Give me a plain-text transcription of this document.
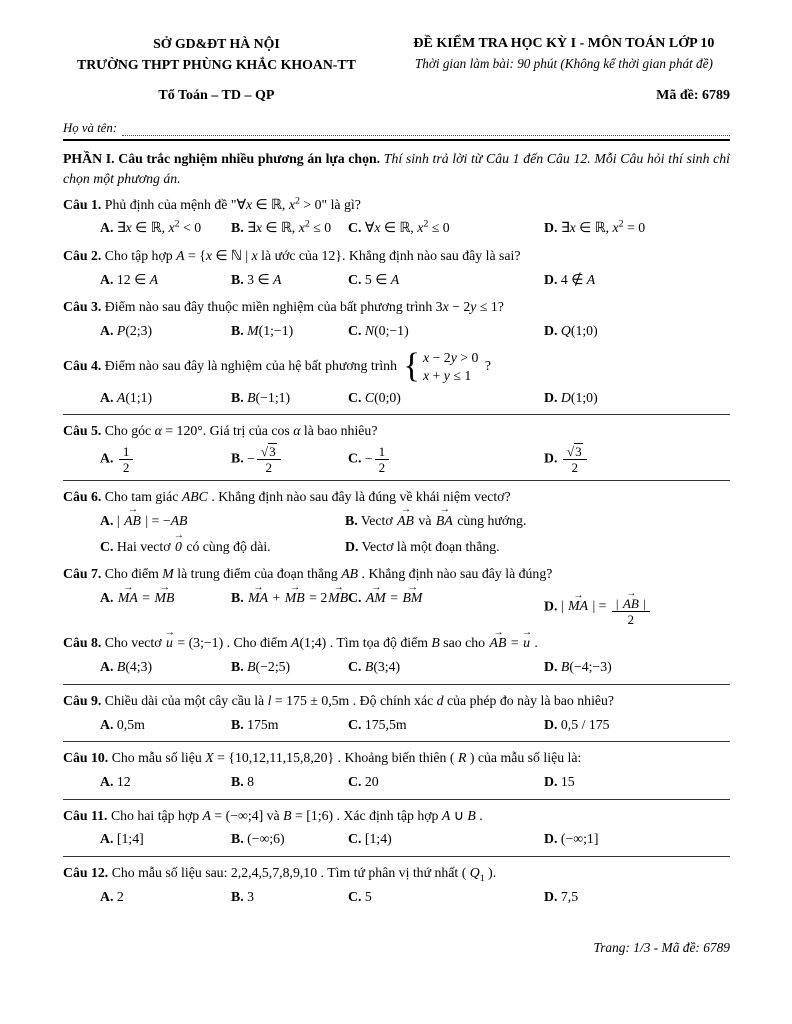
SỞ GD&ĐT HÀ NỘI
TRƯỜNG THPT PHÙNG KHẮC KHOAN-TT
ĐỀ KIỂM TRA HỌC KỲ I - MÔN TOÁN LỚP 10
Thời gian làm bài: 90 phút (Không kể thời gian phát đề)
Tổ Toán – TD – QP	Mã đề: 6789
Họ và tên:
PHẦN I. Câu trắc nghiệm nhiều phương án lựa chọn. Thí sinh trả lời từ Câu 1 đến Câu 12. Mỗi Câu hỏi thí sinh chỉ chọn một phương án.
Câu 1. Phủ định của mệnh đề "∀x ∈ ℝ, $x^2 > 0$" là gì?
A. ∃x ∈ ℝ, $x^2 < 0$	B. ∃x ∈ ℝ, $x^2 \le 0$	C. ∀x ∈ ℝ, $x^2 \le 0$	D. ∃x ∈ ℝ, $x^2 = 0$
Câu 2. Cho tập hợp A = {x ∈ ℕ | x là ước của 12}. Khẳng định nào sau đây là sai?
A. 12 ∈ A	B. 3 ∈ A	C. 5 ∈ A	D. 4 ∉ A
Câu 3. Điểm nào sau đây thuộc miền nghiệm của bất phương trình 3x − 2y ≤ 1?
A. P(2;3)	B. M(1;−1)	C. N(0;−1)	D. Q(1;0)
Câu 4. Điểm nào sau đây là nghiệm của hệ bất phương trình { x − 2y > 0
x + y ≤ 1
?
A. A(1;1)	B. B(−1;1)	C. C(0;0)	D. D(1;0)
Câu 5. Cho góc α = 120°. Giá trị của cos α là bao nhiêu?
A. $\frac{1}{2}$	B. − $\frac{√3}{2}$	C. − $\frac{1}{2}$	D. $\frac{√3}{2}$
Câu 6. Cho tam giác ABC . Khẳng định nào sau đây là đúng về khái niệm vectơ?
A. | → AB | = −AB	B. Vectơ → AB và → BA cùng hướng.
C. Hai vectơ → 0 có cùng độ dài.	D. Vectơ là một đoạn thẳng.
Câu 7. Cho điểm M là trung điểm của đoạn thẳng AB . Khẳng định nào sau đây là đúng?
A. → MA = → MB	B. → MA + → MB = 2→ MB C. → AM = → BM
D. | → MA | = $\frac{| \to AB |}{2}$
Câu 8. Cho vectơ → u = (3;−1) . Cho điểm A(1;4) . Tìm tọa độ điểm B sao cho → AB = → u .
A. B(4;3)	B. B(−2;5)	C. B(3;4)	D. B(−4;−3)
Câu 9. Chiều dài của một cây cầu là l = 175 ± 0,5m . Độ chính xác d của phép đo này là bao nhiêu?
A. 0,5m	B. 175m	C. 175,5m	D. 0,5 / 175
Câu 10. Cho mẫu số liệu X = {10,12,11,15,8,20} . Khoảng biến thiên ( R ) của mẫu số liệu là:
A. 12	B. 8	C. 20	D. 15
Câu 11. Cho hai tập hợp A = (−∞;4] và B = [1;6) . Xác định tập hợp A ∪ B .
A. [1;4]	B. (−∞;6)	C. [1;4)	D. (−∞;1]
Câu 12. Cho mẫu số liệu sau: 2,2,4,5,7,8,9,10 . Tìm tứ phân vị thứ nhất ( $Q_1$ ).
A. 2	B. 3	C. 5	D. 7,5
Trang: 1/3 - Mã đề: 6789
